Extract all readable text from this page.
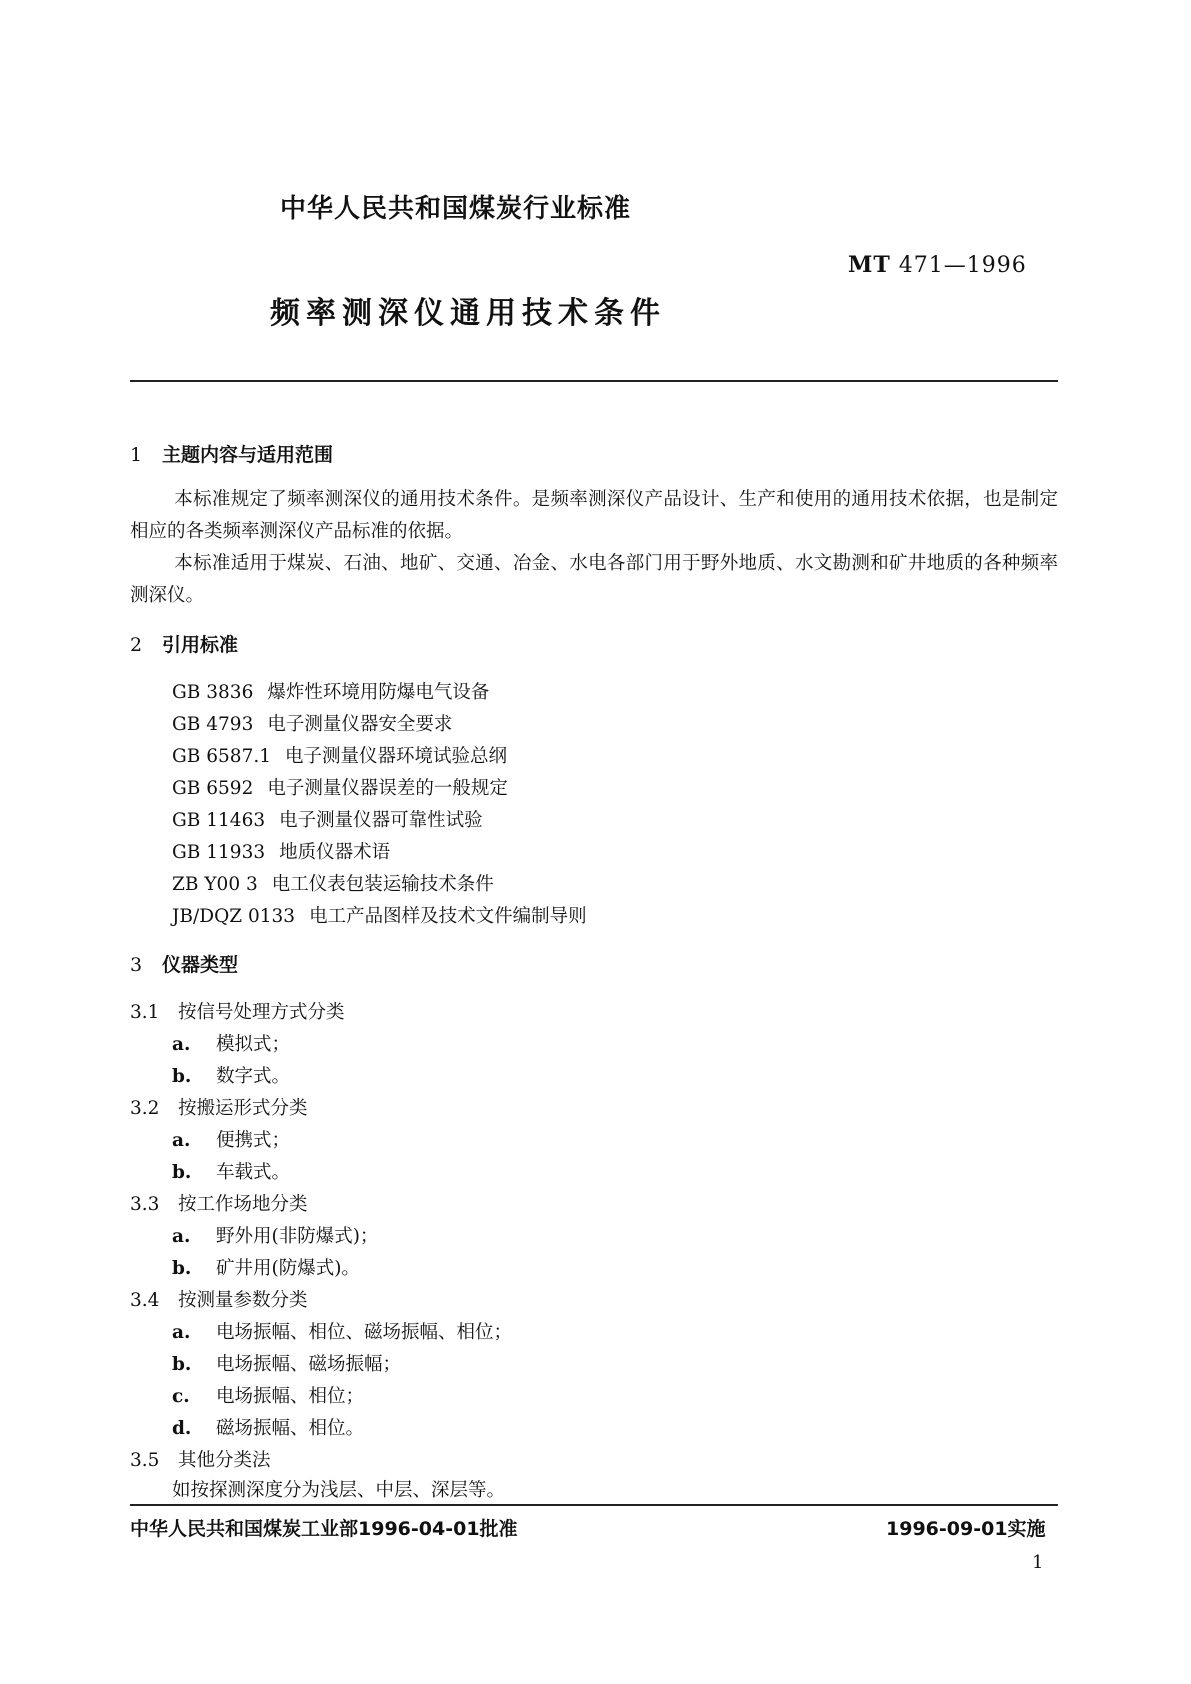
中华人民共和国煤炭行业标准
MT 471—1996
频率测深仪通用技术条件
1 主题内容与适用范围
本标准规定了频率测深仪的通用技术条件。是频率测深仪产品设计、生产和使用的通用技术依据，也是制定相应的各类频率测深仪产品标准的依据。
本标准适用于煤炭、石油、地矿、交通、冶金、水电各部门用于野外地质、水文勘测和矿井地质的各种频率测深仪。
2 引用标准
GB 3836 爆炸性环境用防爆电气设备
GB 4793 电子测量仪器安全要求
GB 6587.1 电子测量仪器环境试验总纲
GB 6592 电子测量仪器误差的一般规定
GB 11463 电子测量仪器可靠性试验
GB 11933 地质仪器术语
ZB Y00 3 电工仪表包装运输技术条件
JB/DQZ 0133 电工产品图样及技术文件编制导则
3 仪器类型
3.1 按信号处理方式分类
a. 模拟式；
b. 数字式。
3.2 按搬运形式分类
a. 便携式；
b. 车载式。
3.3 按工作场地分类
a. 野外用(非防爆式)；
b. 矿井用(防爆式)。
3.4 按测量参数分类
a. 电场振幅、相位、磁场振幅、相位；
b. 电场振幅、磁场振幅；
c. 电场振幅、相位；
d. 磁场振幅、相位。
3.5 其他分类法
如按探测深度分为浅层、中层、深层等。
中华人民共和国煤炭工业部1996-04-01批准	1996-09-01实施
1
